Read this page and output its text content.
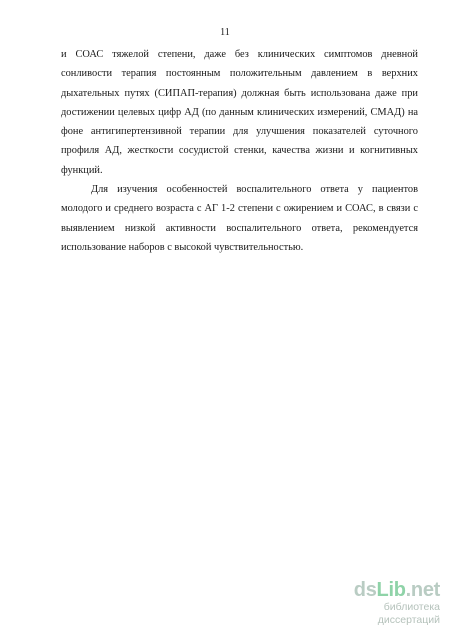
11

и СОАС тяжелой степени, даже без клинических симптомов дневной сонливости терапия постоянным положительным давлением в верхних дыхательных путях (СИПАП-терапия) должная быть использована даже при достижении целевых цифр АД (по данным клинических измерений, СМАД) на фоне антигипертензивной терапии для улучшения показателей суточного профиля АД, жесткости сосудистой стенки, качества жизни и когнитивных функций.

Для изучения особенностей воспалительного ответа у пациентов молодого и среднего возраста с АГ 1-2 степени с ожирением и СОАС, в связи с выявлением низкой активности воспалительного ответа, рекомендуется использование наборов с высокой чувствительностью.

dsLib.net
библиотека диссертаций
